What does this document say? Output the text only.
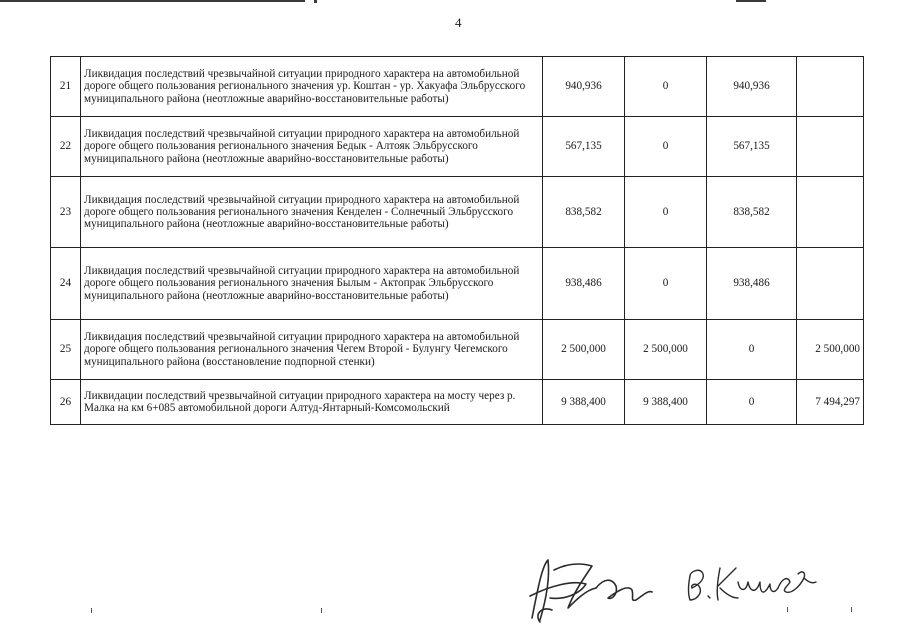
4
21	Ликвидация последствий чрезвычайной ситуации природного характера на автомобильной дороге общего пользования регионального значения ур. Коштан - ур. Хакуафа Эльбрусского муниципального района (неотложные аварийно-восстановительные работы)	940,936	0	940,936	
22	Ликвидация последствий чрезвычайной ситуации природного характера на автомобильной дороге общего пользования регионального значения Бедык - Алтояк Эльбрусского муниципального района (неотложные аварийно-восстановительные работы)	567,135	0	567,135	
23	Ликвидация последствий чрезвычайной ситуации природного характера на автомобильной дороге общего пользования регионального значения Кенделен - Солнечный Эльбрусского муниципального района (неотложные аварийно-восстановительные работы)	838,582	0	838,582	
24	Ликвидация последствий чрезвычайной ситуации природного характера на автомобильной дороге общего пользования регионального значения Былым - Актопрак Эльбрусского муниципального района (неотложные аварийно-восстановительные работы)	938,486	0	938,486	
25	Ликвидация последствий чрезвычайной ситуации природного характера на автомобильной дороге общего пользования регионального значения Чегем Второй - Булунгу Чегемского муниципального района (восстановление подпорной стенки)	2 500,000	2 500,000	0	2 500,000
26	Ликвидации последствий чрезвычайной ситуации природного характера на мосту через р. Малка на км 6+085 автомобильной дороги Алтуд-Янтарный-Комсомольский	9 388,400	9 388,400	0	7 494,297
